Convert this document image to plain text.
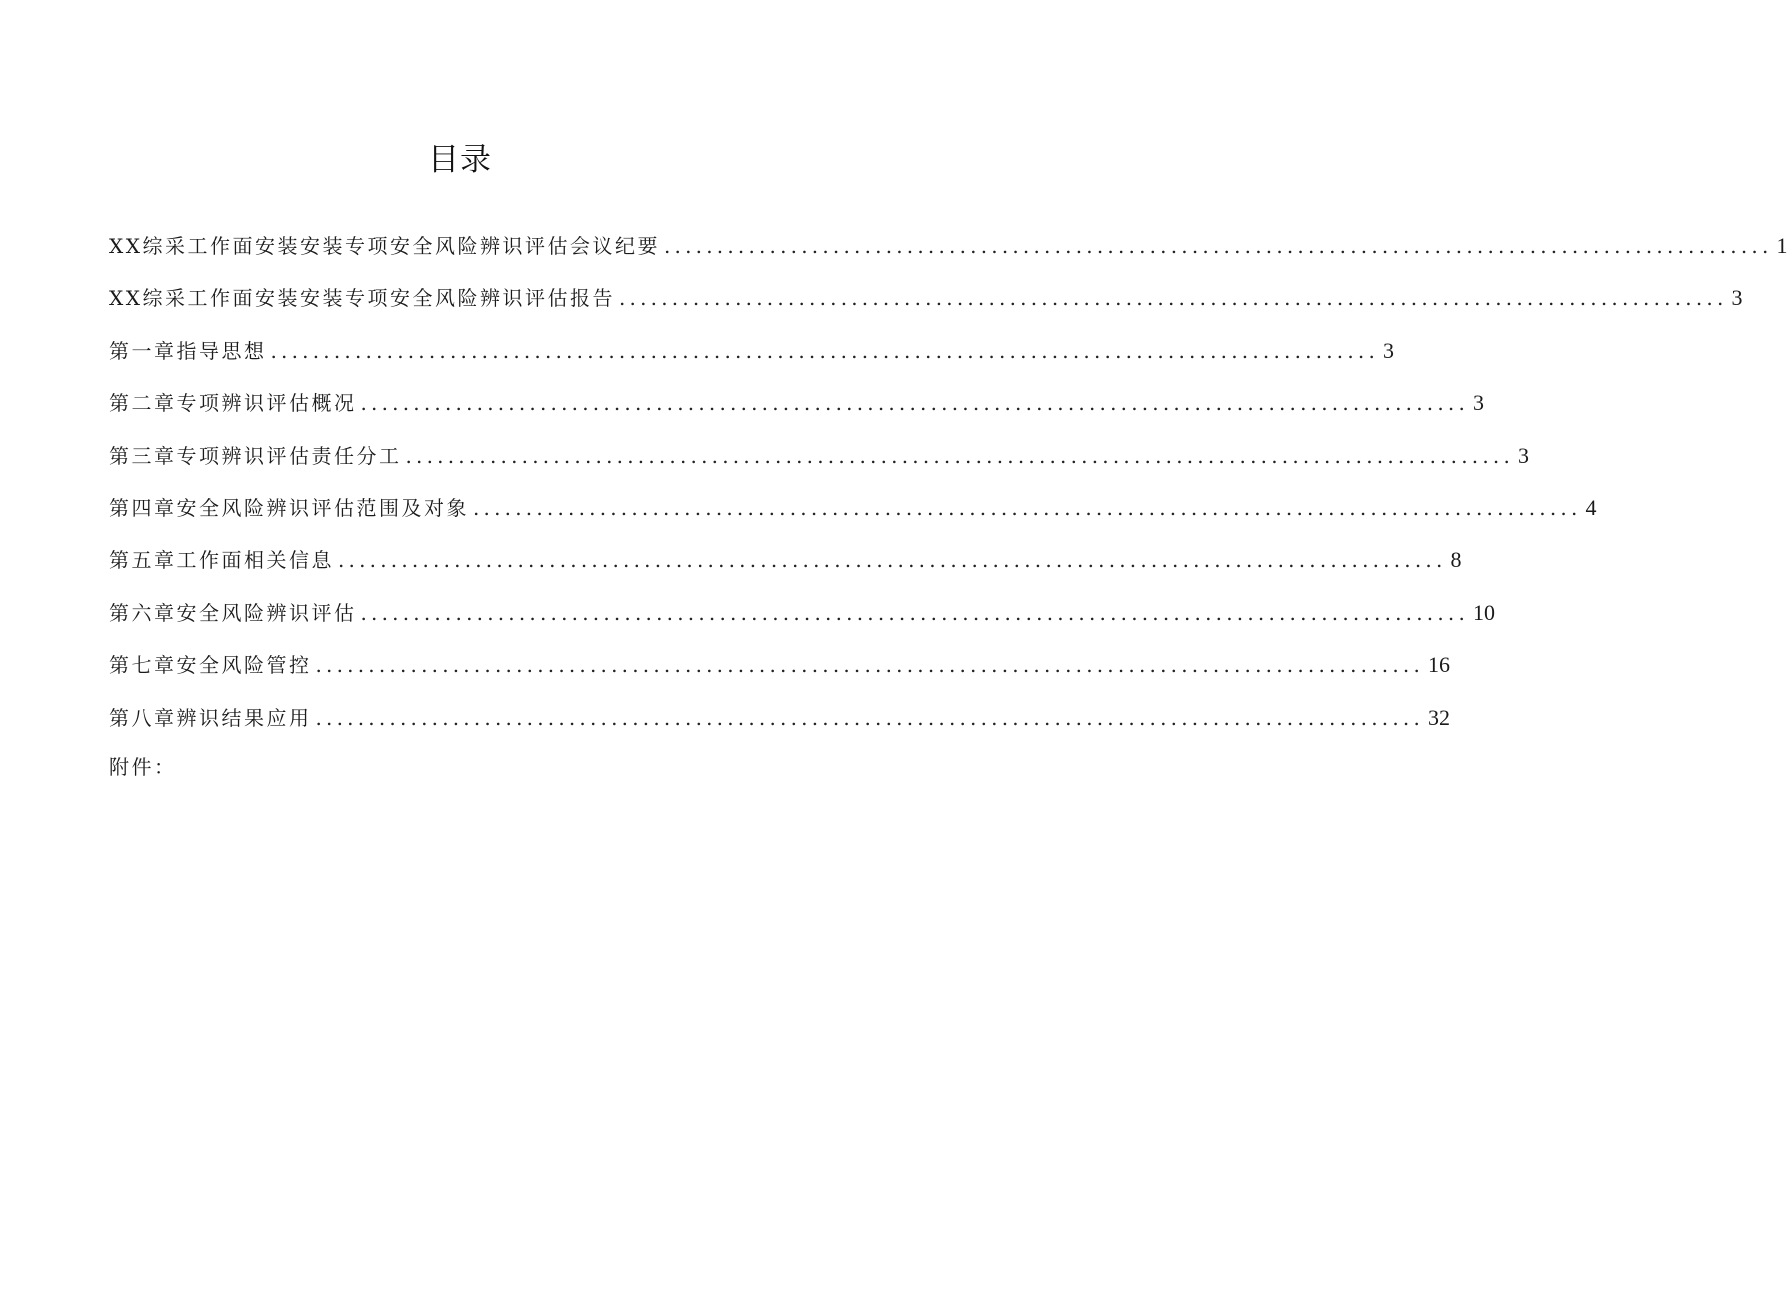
目录
XX综采工作面安装安装专项安全风险辨识评估会议纪要 ......................................................................................................... 1
XX综采工作面安装安装专项安全风险辨识评估报告 ......................................................................................................... 3
第一章指导思想 ......................................................................................................... 3
第二章专项辨识评估概况 ......................................................................................................... 3
第三章专项辨识评估责任分工 ......................................................................................................... 3
第四章安全风险辨识评估范围及对象 ......................................................................................................... 4
第五章工作面相关信息 ......................................................................................................... 8
第六章安全风险辨识评估 ......................................................................................................... 10
第七章安全风险管控 ......................................................................................................... 16
第八章辨识结果应用 ......................................................................................................... 32
附件：
